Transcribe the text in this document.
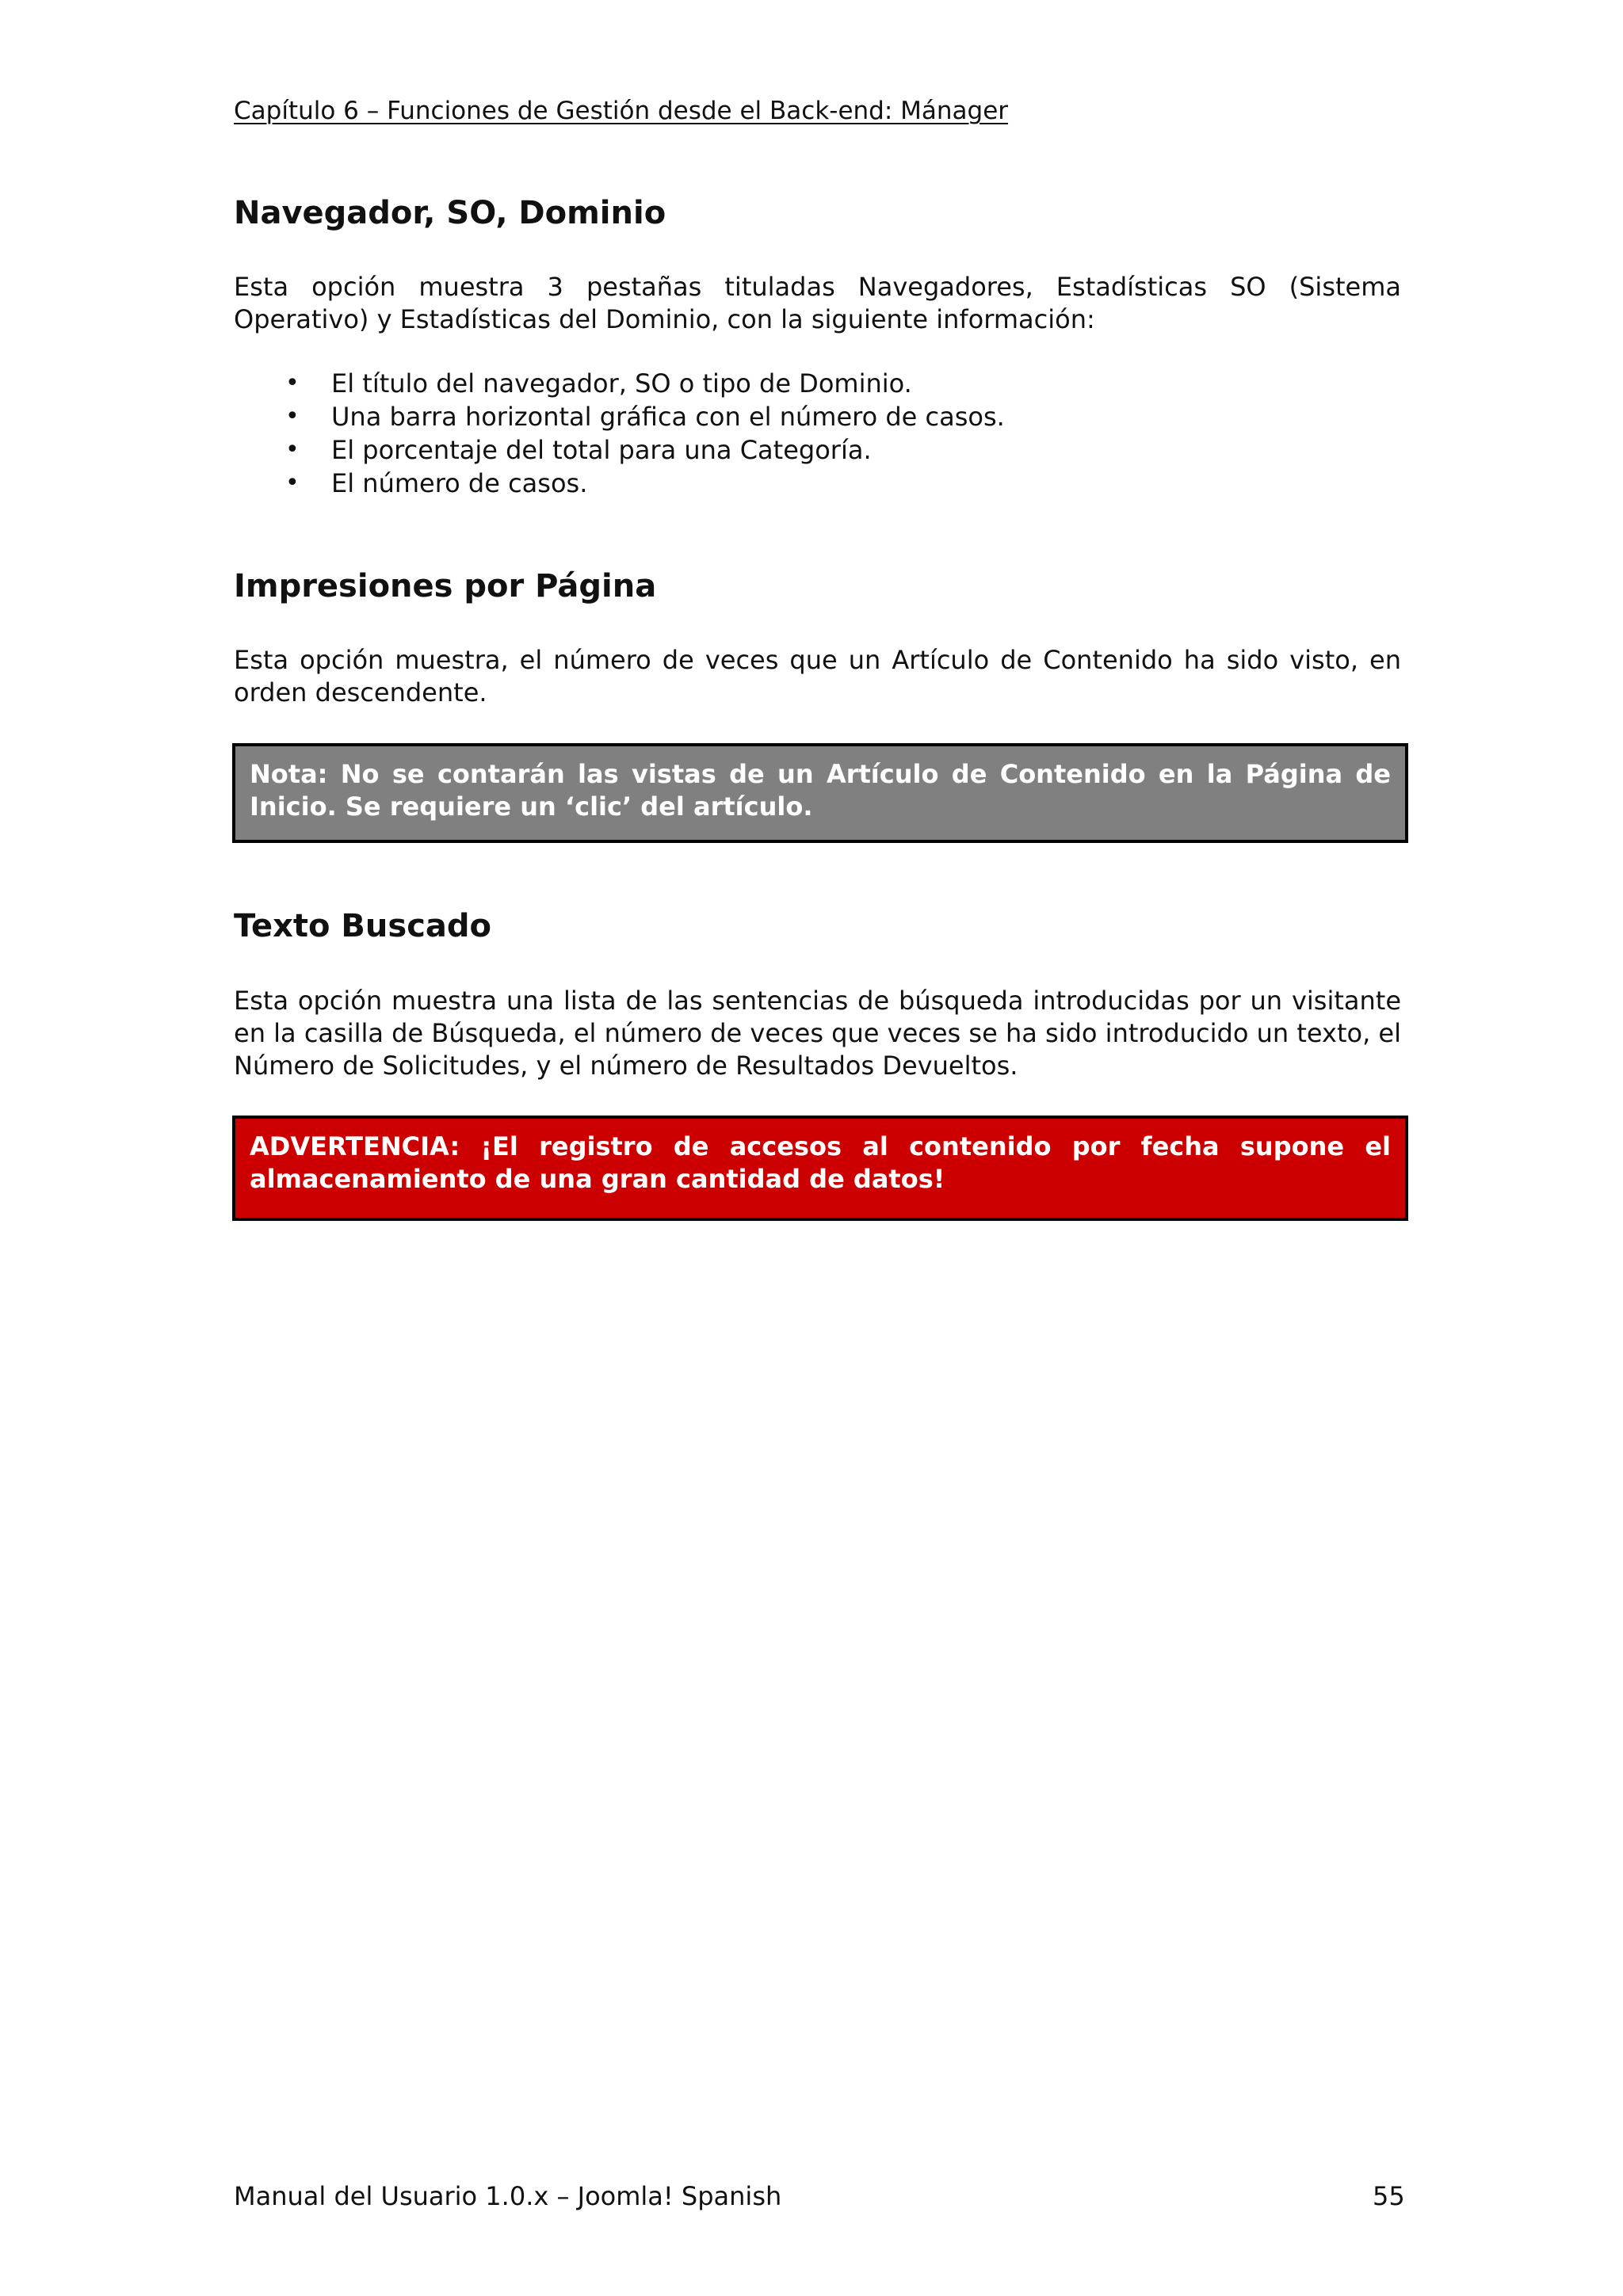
Capítulo 6 – Funciones de Gestión desde el Back-end: Mánager
Navegador, SO, Dominio
Esta opción muestra 3 pestañas tituladas Navegadores, Estadísticas SO (Sistema Operativo) y Estadísticas del Dominio, con la siguiente información:
• El título del navegador, SO o tipo de Dominio.
• Una barra horizontal gráfica con el número de casos.
• El porcentaje del total para una Categoría.
• El número de casos.
Impresiones por Página
Esta opción muestra, el número de veces que un Artículo de Contenido ha sido visto, en orden descendente.
Nota: No se contarán las vistas de un Artículo de Contenido en la Página de Inicio. Se requiere un ‘clic’ del artículo.
Texto Buscado
Esta opción muestra una lista de las sentencias de búsqueda introducidas por un visitante en la casilla de Búsqueda, el número de veces que veces se ha sido introducido un texto, el Número de Solicitudes, y el número de Resultados Devueltos.
ADVERTENCIA: ¡El registro de accesos al contenido por fecha supone el almacenamiento de una gran cantidad de datos!
Manual del Usuario 1.0.x – Joomla! Spanish	55
